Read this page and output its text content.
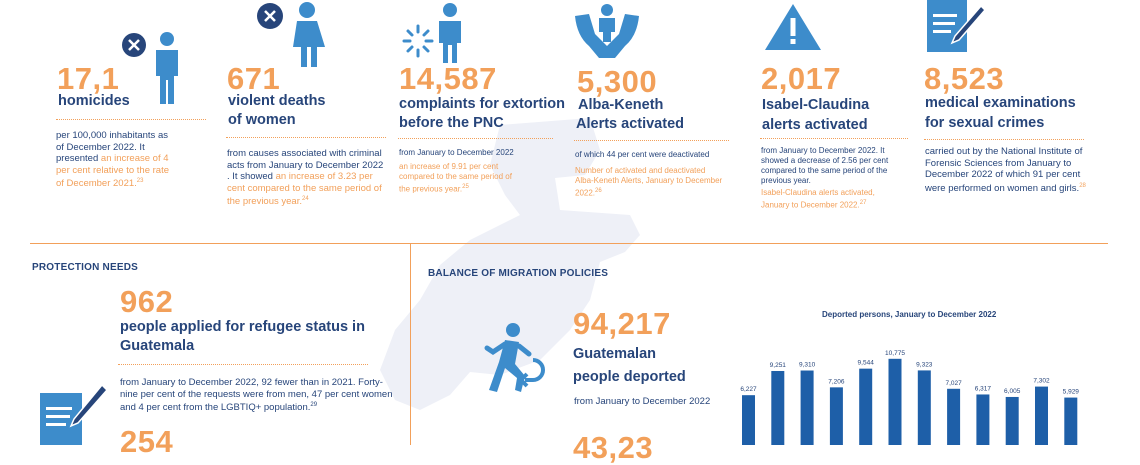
17,1
homicides
per 100,000 inhabitants as of December 2022. It presented an increase of 4 per cent relative to the rate of December 2021.23
671
violent deaths
of women
from causes associated with criminal acts from January to December 2022 . It showed an increase of 3.23 per cent compared to the same period of the previous year.$^{24}$
14,587
complaints for extortion
before the PNC
from January to December 2022
an increase of 9.91 per cent compared to the same period of the previous year.$^{25}$
5,300
Alba-Keneth
Alerts activated
of which 44 per cent were deactivated
Number of activated and deactivated Alba-Keneth Alerts, January to December 2022.26
2,017
Isabel-Claudina
alerts activated
from January to December 2022. It showed a decrease of 2.56 per cent compared to the same period of the previous year.
Isabel-Claudina alerts activated, January to December 2022.27
8,523
medical examinations
for sexual crimes
carried out by the National Institute of Forensic Sciences from January to December 2022 of which 91 per cent were performed on women and girls.$^{28}$
PROTECTION NEEDS
962
people applied for refugee status in Guatemala
from January to December 2022, 92 fewer than in 2021. Forty-nine per cent of the requests were from men, 47 per cent women and 4 per cent from the LGBTIQ+ population.$^{29}$
254
BALANCE OF MIGRATION POLICIES
94,217
Guatemalan
people deported
from January to December 2022
43,23
Deported persons, January to December 2022
6,227
9,251 9,310
7,206
9,544
10,775
9,323
7,027
6,317 6,005
7,302
5,929
